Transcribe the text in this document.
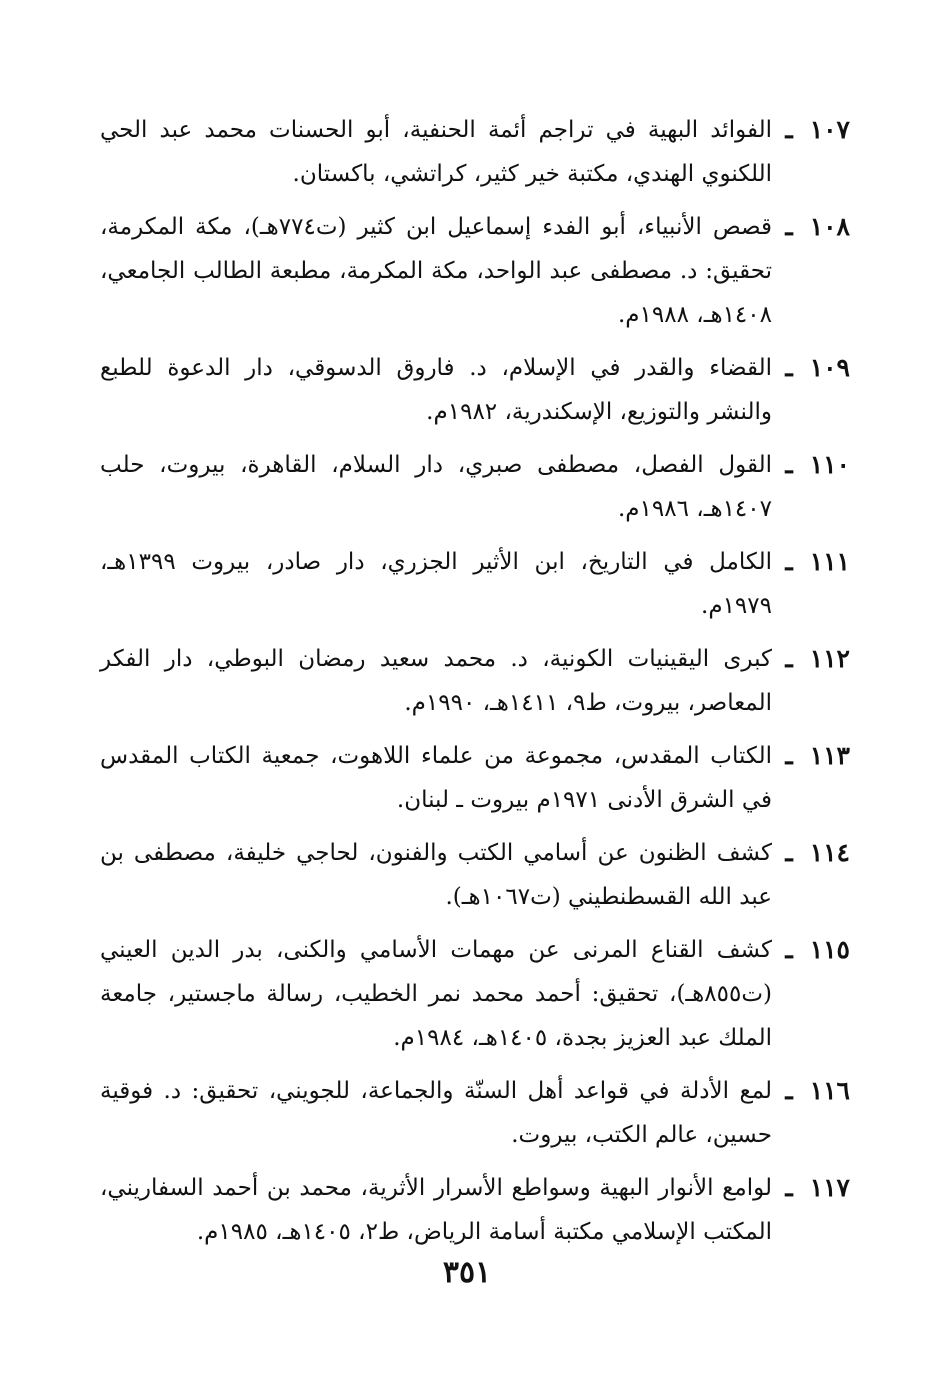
١٠٧
ـ
الفوائد البهية في تراجم أئمة الحنفية، أبو الحسنات محمد عبد الحي اللكنوي الهندي، مكتبة خير كثير، كراتشي، باكستان.
١٠٨
ـ
قصص الأنبياء، أبو الفدء إسماعيل ابن كثير (ت٧٧٤هـ)، مكة المكرمة، تحقيق: د. مصطفى عبد الواحد، مكة المكرمة، مطبعة الطالب الجامعي، ١٤٠٨هـ، ١٩٨٨م.
١٠٩
ـ
القضاء والقدر في الإسلام، د. فاروق الدسوقي، دار الدعوة للطبع والنشر والتوزيع، الإسكندرية، ١٩٨٢م.
١١٠
ـ
القول الفصل، مصطفى صبري، دار السلام، القاهرة، بيروت، حلب ١٤٠٧هـ، ١٩٨٦م.
١١١
ـ
الكامل في التاريخ، ابن الأثير الجزري، دار صادر، بيروت ١٣٩٩هـ، ١٩٧٩م.
١١٢
ـ
كبرى اليقينيات الكونية، د. محمد سعيد رمضان البوطي، دار الفكر المعاصر، بيروت، ط٩، ١٤١١هـ، ١٩٩٠م.
١١٣
ـ
الكتاب المقدس، مجموعة من علماء اللاهوت، جمعية الكتاب المقدس في الشرق الأدنى ١٩٧١م بيروت ـ لبنان.
١١٤
ـ
كشف الظنون عن أسامي الكتب والفنون، لحاجي خليفة، مصطفى بن عبد الله القسطنطيني (ت١٠٦٧هـ).
١١٥
ـ
كشف القناع المرنى عن مهمات الأسامي والكنى، بدر الدين العيني (ت٨٥٥هـ)، تحقيق: أحمد محمد نمر الخطيب، رسالة ماجستير، جامعة الملك عبد العزيز بجدة، ١٤٠٥هـ، ١٩٨٤م.
١١٦
ـ
لمع الأدلة في قواعد أهل السنّة والجماعة، للجويني، تحقيق: د. فوقية حسين، عالم الكتب، بيروت.
١١٧
ـ
لوامع الأنوار البهية وسواطع الأسرار الأثرية، محمد بن أحمد السفاريني، المكتب الإسلامي مكتبة أسامة الرياض، ط٢، ١٤٠٥هـ، ١٩٨٥م.
٣٥١
